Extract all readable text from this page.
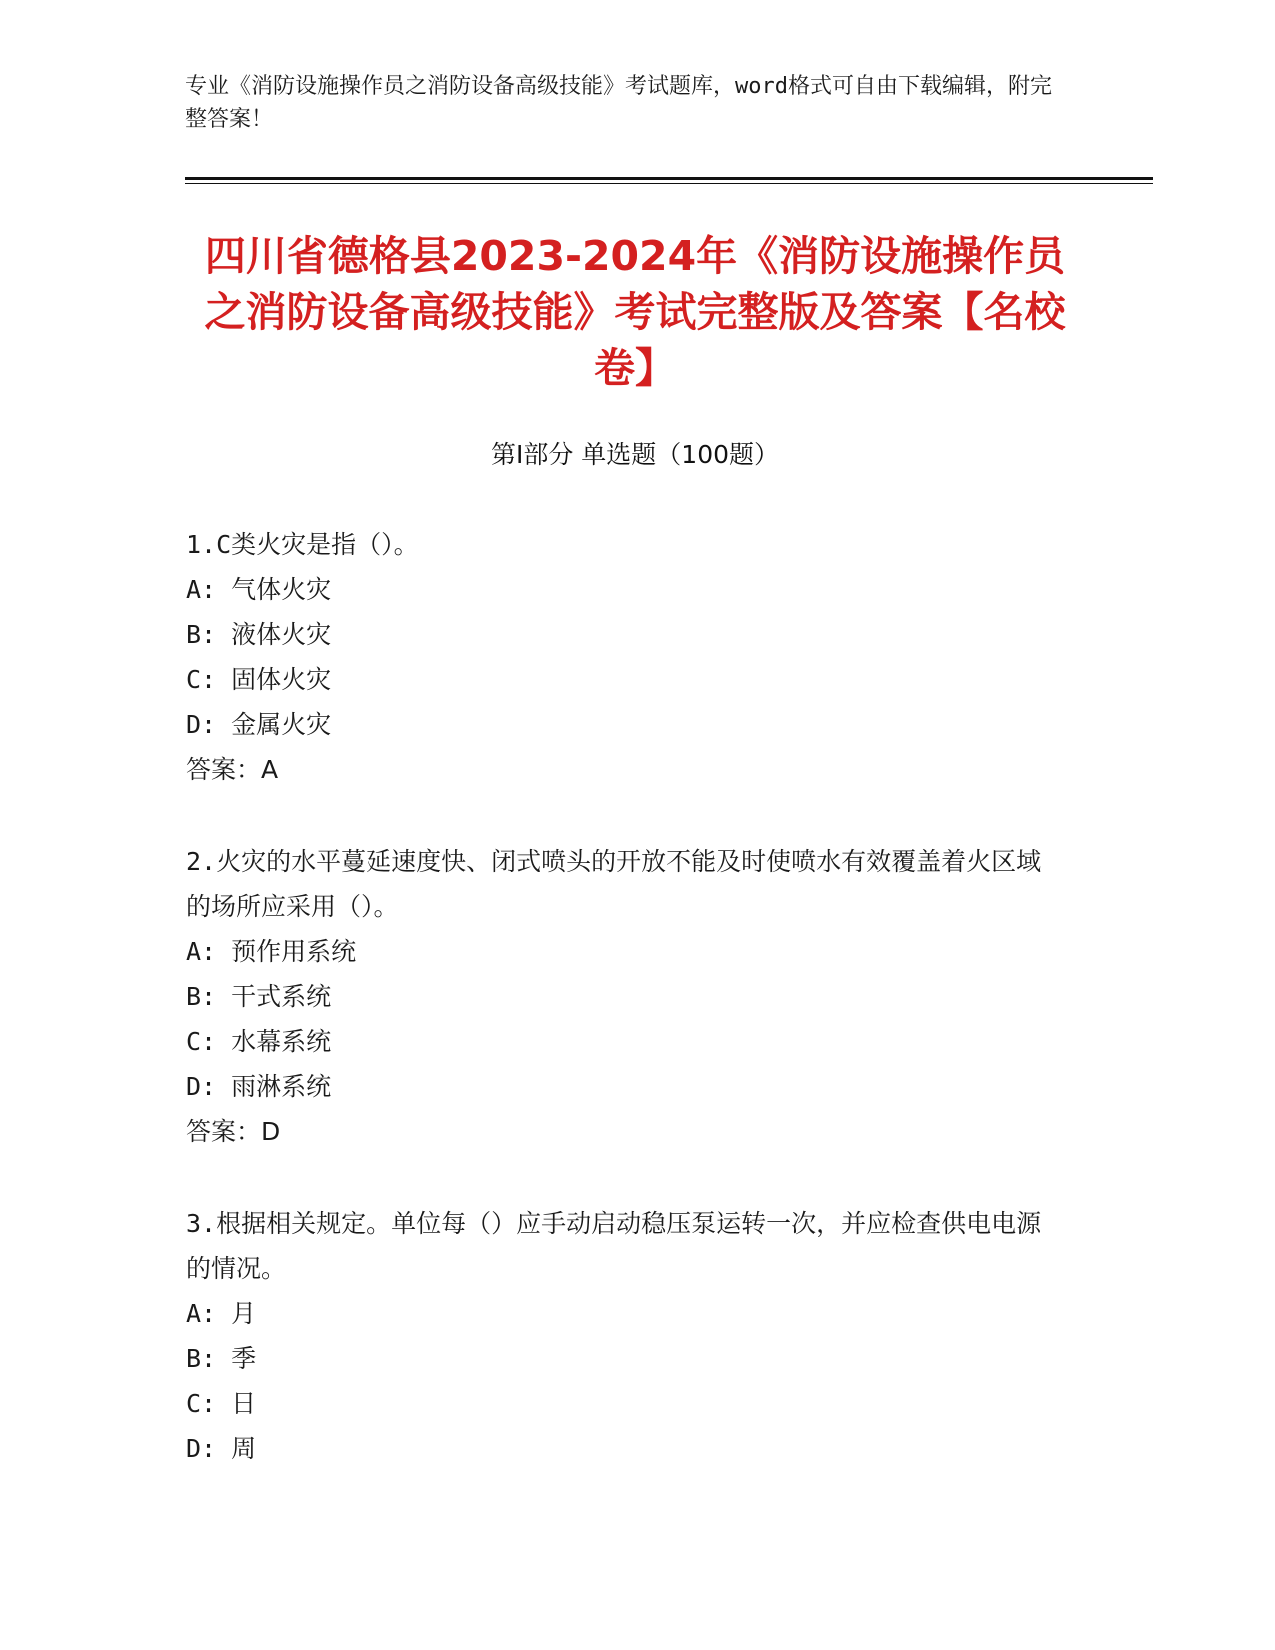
专业《消防设施操作员之消防设备高级技能》考试题库，word格式可自由下载编辑，附完整答案！
四川省德格县2023-2024年《消防设施操作员之消防设备高级技能》考试完整版及答案【名校卷】
第Ⅰ部分 单选题（100题）

1.C类火灾是指（）。

A: 气体火灾

B: 液体火灾

C: 固体火灾

D: 金属火灾

答案：A

2.火灾的水平蔓延速度快、闭式喷头的开放不能及时使喷水有效覆盖着火区域的场所应采用（）。

A: 预作用系统

B: 干式系统

C: 水幕系统

D: 雨淋系统

答案：D

3.根据相关规定。单位每（）应手动启动稳压泵运转一次，并应检查供电电源的情况。

A: 月

B: 季

C: 日

D: 周
